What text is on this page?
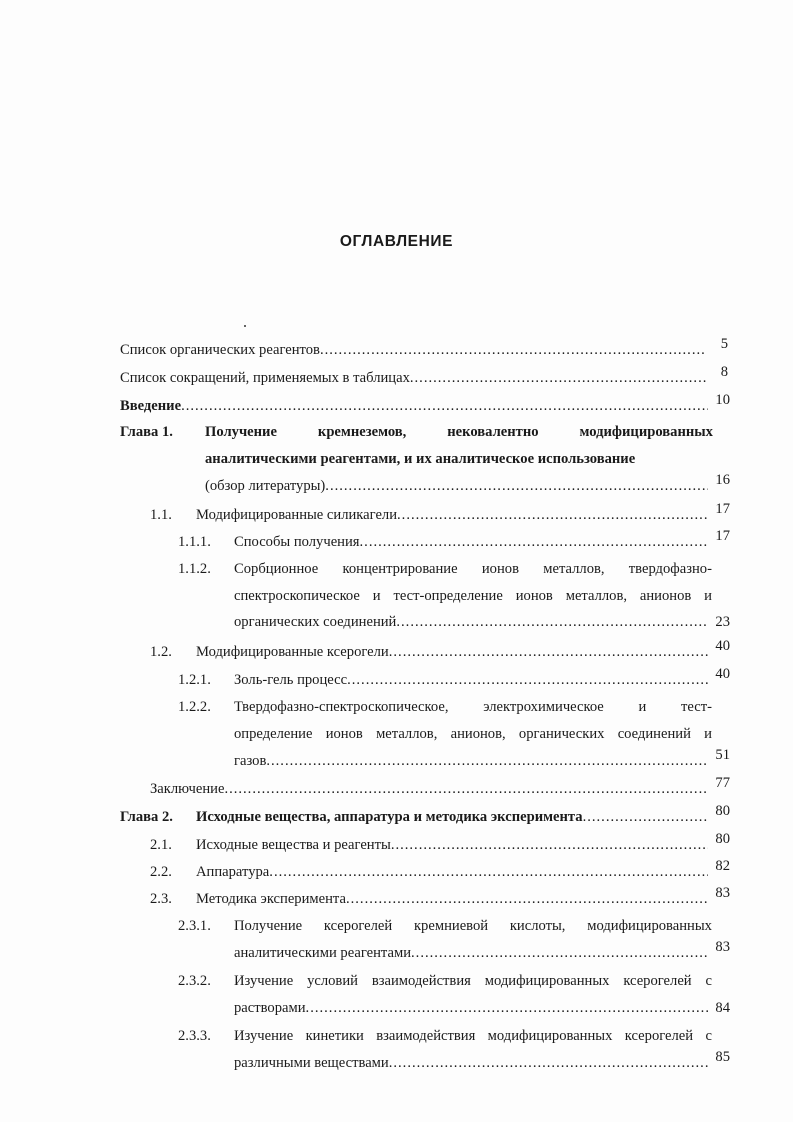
ОГЛАВЛЕНИЕ
Список органических реагентов .....	5
Список сокращений, применяемых в таблицах .....	8
Введение .....	10
Глава 1.	Получение	кремнеземов,	нековалентно	модифицированных
аналитическими реагентами, и их аналитическое использование
(обзор литературы) .....	16
1.1. Модифицированные силикагели .....	17
1.1.1. Способы получения .....	17
1.1.2.	Сорбционное концентрирование ионов металлов, твердофазно-
спектроскопическое и тест-определение ионов металлов, анионов и
органических соединений .....	23
1.2. Модифицированные ксерогели .....	40
1.2.1. Золь-гель процесс .....	40
1.2.2.	Твердофазно-спектроскопическое, электрохимическое и тест-
определение ионов металлов, анионов, органических соединений и
газов .....	51
Заключение .....	77
Глава 2. Исходные вещества, аппаратура и методика эксперимента .....	80
2.1. Исходные вещества и реагенты .....	80
2.2. Аппаратура .....	82
2.3. Методика эксперимента .....	83
2.3.1.	Получение ксерогелей кремниевой кислоты, модифицированных
аналитическими реагентами .....	83
2.3.2.	Изучение условий взаимодействия модифицированных ксерогелей с
растворами .....	84
2.3.3.	Изучение кинетики взаимодействия модифицированных ксерогелей с
различными веществами .....	85
